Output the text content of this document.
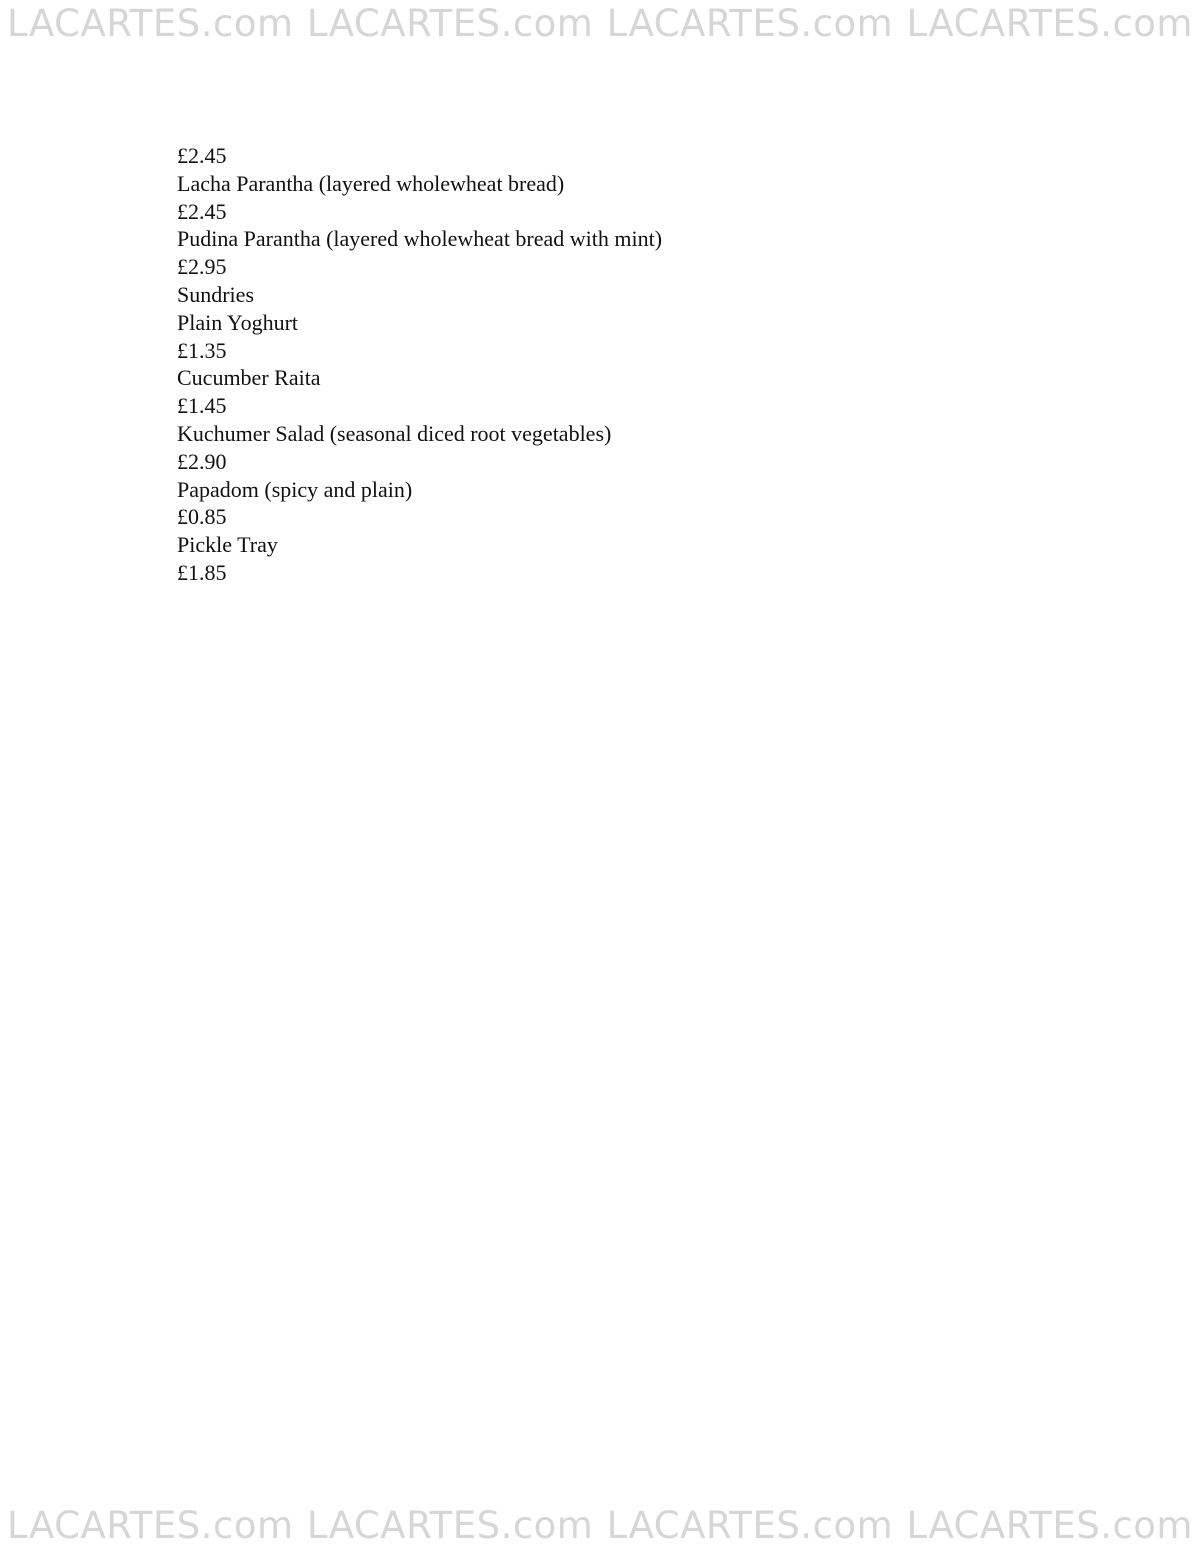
LACARTES.com LACARTES.com LACARTES.com LACARTES.com
£2.45
Lacha Parantha (layered wholewheat bread)
£2.45
Pudina Parantha (layered wholewheat bread with mint)
£2.95
Sundries
Plain Yoghurt
£1.35
Cucumber Raita
£1.45
Kuchumer Salad (seasonal diced root vegetables)
£2.90
Papadom (spicy and plain)
£0.85
Pickle Tray
£1.85
LACARTES.com LACARTES.com LACARTES.com LACARTES.com
